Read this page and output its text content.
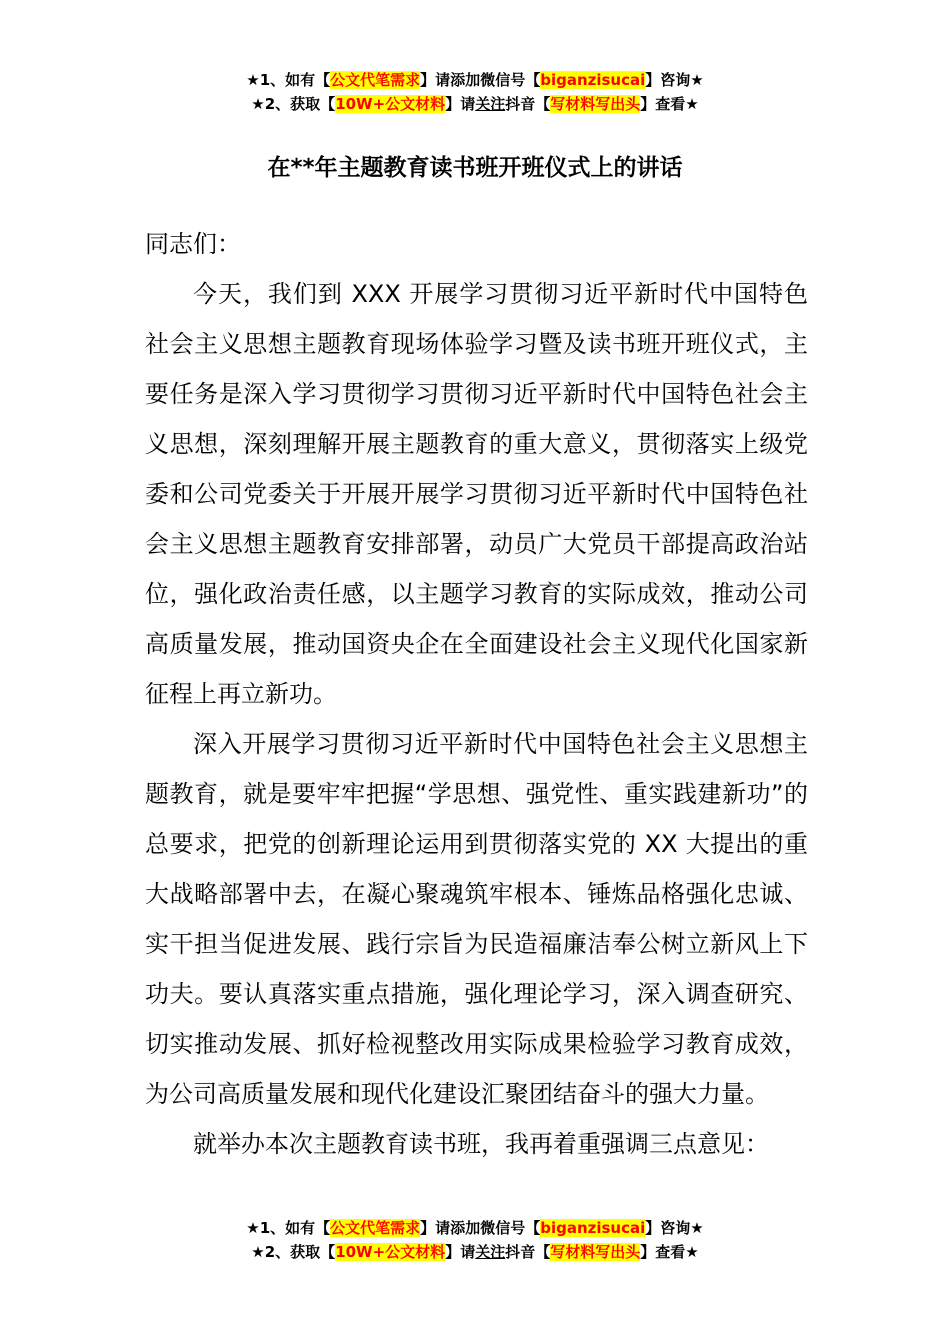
★1、如有【公文代笔需求】请添加微信号【biganzisucai】咨询★
★2、获取【10W+公文材料】请关注抖音【写材料写出头】查看★
在**年主题教育读书班开班仪式上的讲话

同志们：

今天，我们到 XXX 开展学习贯彻习近平新时代中国特色社会主义思想主题教育现场体验学习暨及读书班开班仪式，主要任务是深入学习贯彻学习贯彻习近平新时代中国特色社会主义思想，深刻理解开展主题教育的重大意义，贯彻落实上级党委和公司党委关于开展开展学习贯彻习近平新时代中国特色社会主义思想主题教育安排部署，动员广大党员干部提高政治站位，强化政治责任感，以主题学习教育的实际成效，推动公司高质量发展，推动国资央企在全面建设社会主义现代化国家新征程上再立新功。

深入开展学习贯彻习近平新时代中国特色社会主义思想主题教育，就是要牢牢把握“学思想、强党性、重实践建新功”的总要求，把党的创新理论运用到贯彻落实党的 XX 大提出的重大战略部署中去，在凝心聚魂筑牢根本、锤炼品格强化忠诚、实干担当促进发展、践行宗旨为民造福廉洁奉公树立新风上下功夫。要认真落实重点措施，强化理论学习，深入调查研究、切实推动发展、抓好检视整改用实际成果检验学习教育成效，为公司高质量发展和现代化建设汇聚团结奋斗的强大力量。

就举办本次主题教育读书班，我再着重强调三点意见：

★1、如有【公文代笔需求】请添加微信号【biganzisucai】咨询★
★2、获取【10W+公文材料】请关注抖音【写材料写出头】查看★
